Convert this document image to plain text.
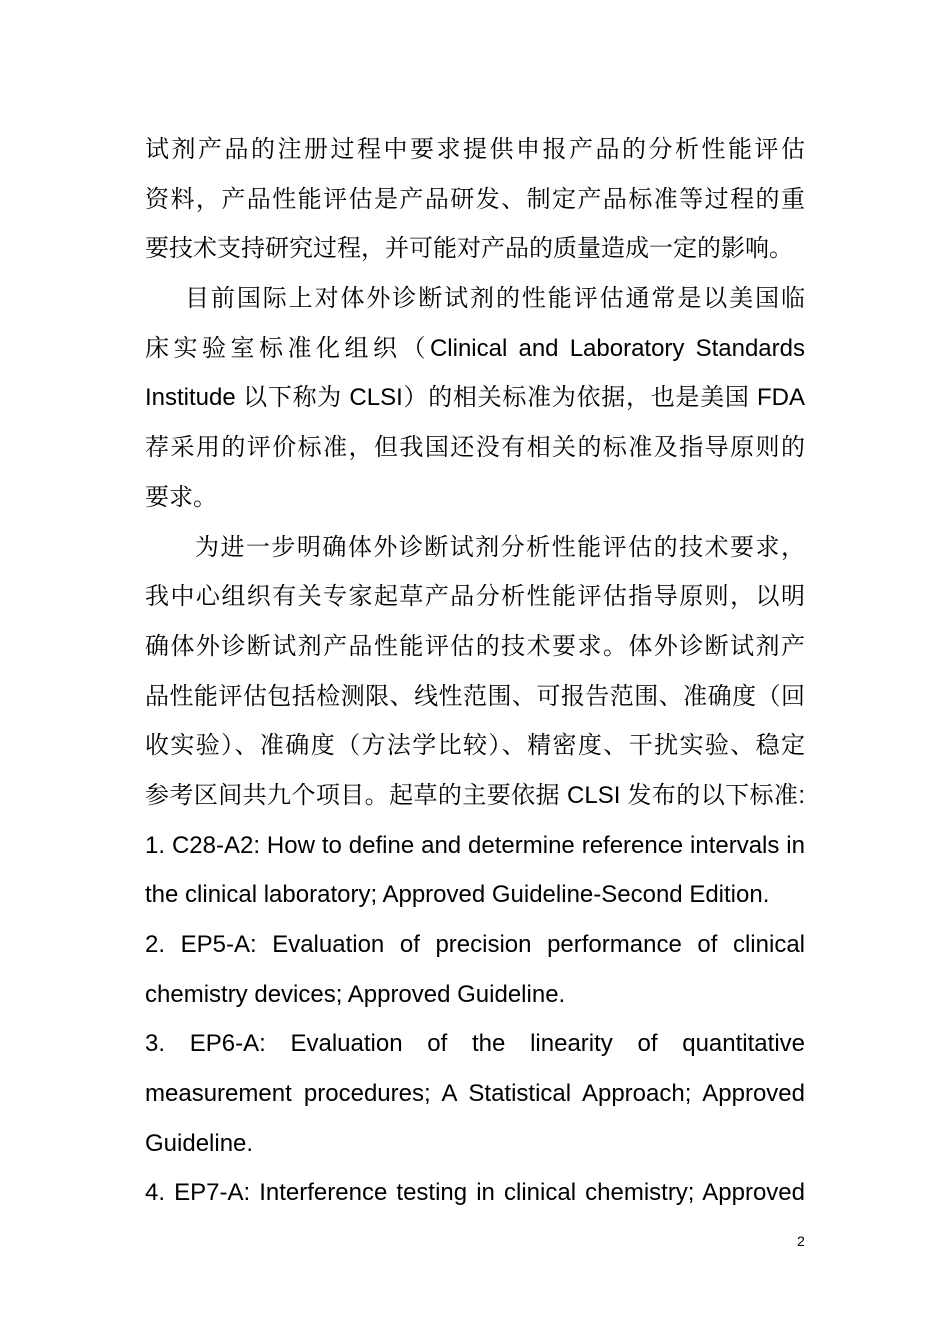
试剂产品的注册过程中要求提供申报产品的分析性能评估
资料，产品性能评估是产品研发、制定产品标准等过程的重
要技术支持研究过程，并可能对产品的质量造成一定的影响。
目前国际上对体外诊断试剂的性能评估通常是以美国临
床实验室标准化组织（Clinical and Laboratory Standards
Institude 以下称为 CLSI）的相关标准为依据，也是美国 FDA
荐采用的评价标准，但我国还没有相关的标准及指导原则的
要求。
为进一步明确体外诊断试剂分析性能评估的技术要求，
我中心组织有关专家起草产品分析性能评估指导原则，以明
确体外诊断试剂产品性能评估的技术要求。体外诊断试剂产
品性能评估包括检测限、线性范围、可报告范围、准确度（回
收实验）、准确度（方法学比较）、精密度、干扰实验、稳定
参考区间共九个项目。起草的主要依据 CLSI 发布的以下标准:
1. C28-A2: How to define and determine reference intervals in
the clinical laboratory; Approved Guideline-Second Edition.
2. EP5-A: Evaluation of precision performance of clinical
chemistry devices; Approved Guideline.
3. EP6-A: Evaluation of the linearity of quantitative
measurement procedures; A Statistical Approach; Approved
Guideline.
4. EP7-A: Interference testing in clinical chemistry; Approved
2
